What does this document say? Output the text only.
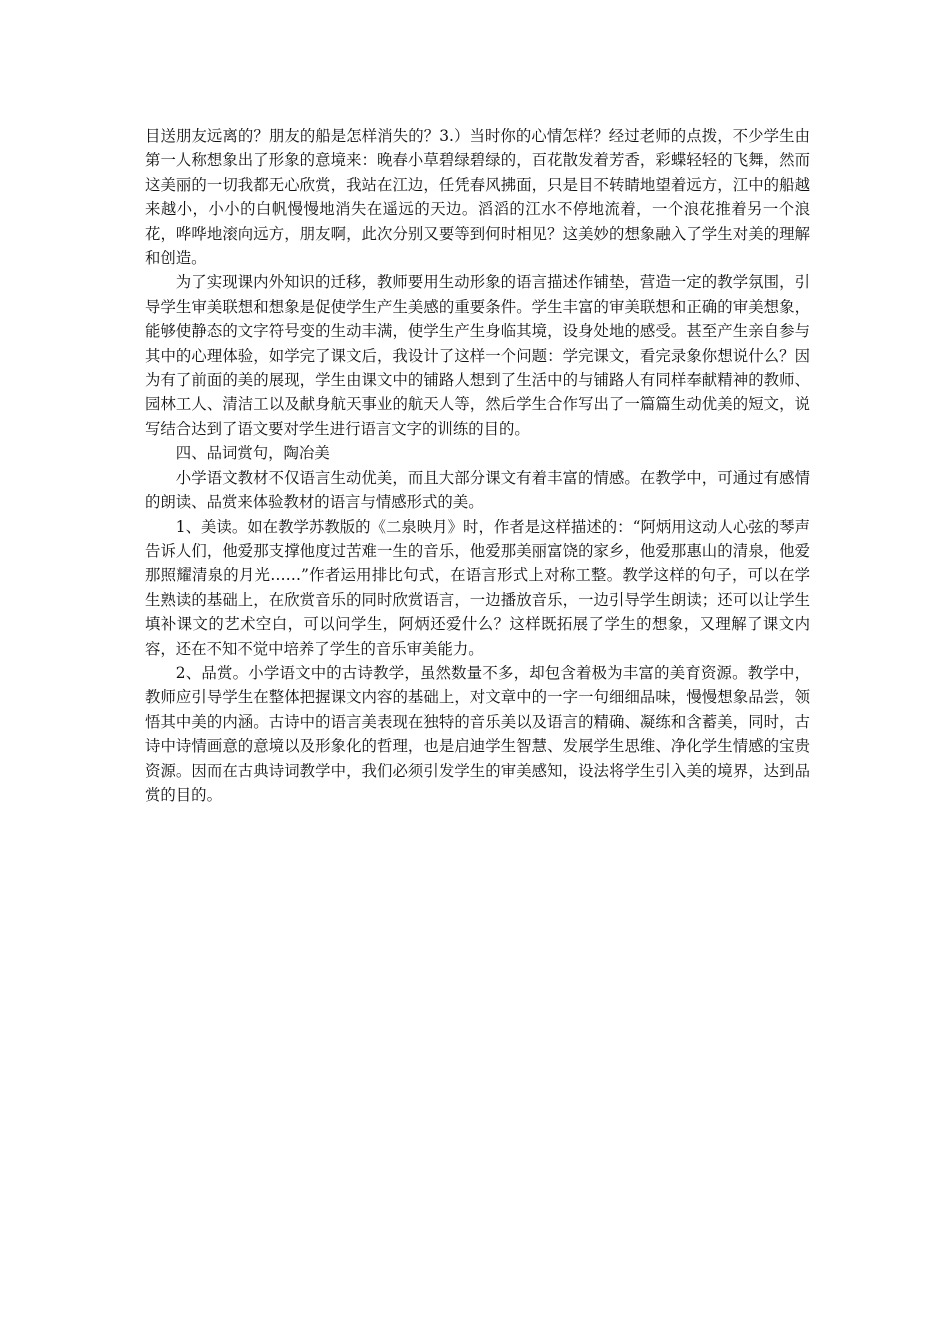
目送朋友远离的？朋友的船是怎样消失的？3.）当时你的心情怎样？经过老师的点拨，不少学生由第一人称想象出了形象的意境来：晚春小草碧绿碧绿的，百花散发着芳香，彩蝶轻轻的飞舞，然而这美丽的一切我都无心欣赏，我站在江边，任凭春风拂面，只是目不转睛地望着远方，江中的船越来越小，小小的白帆慢慢地消失在遥远的天边。滔滔的江水不停地流着，一个浪花推着另一个浪花，哗哗地滚向远方，朋友啊，此次分别又要等到何时相见？这美妙的想象融入了学生对美的理解和创造。

为了实现课内外知识的迁移，教师要用生动形象的语言描述作铺垫，营造一定的教学氛围，引导学生审美联想和想象是促使学生产生美感的重要条件。学生丰富的审美联想和正确的审美想象，能够使静态的文字符号变的生动丰满，使学生产生身临其境，设身处地的感受。甚至产生亲自参与其中的心理体验，如学完了课文后，我设计了这样一个问题：学完课文，看完录象你想说什么？因为有了前面的美的展现，学生由课文中的铺路人想到了生活中的与铺路人有同样奉献精神的教师、园林工人、清洁工以及献身航天事业的航天人等，然后学生合作写出了一篇篇生动优美的短文，说写结合达到了语文要对学生进行语言文字的训练的目的。

四、品词赏句，陶冶美

小学语文教材不仅语言生动优美，而且大部分课文有着丰富的情感。在教学中，可通过有感情的朗读、品赏来体验教材的语言与情感形式的美。

1、美读。如在教学苏教版的《二泉映月》时，作者是这样描述的：“阿炳用这动人心弦的琴声告诉人们，他爱那支撑他度过苦难一生的音乐，他爱那美丽富饶的家乡，他爱那惠山的清泉，他爱那照耀清泉的月光……”作者运用排比句式，在语言形式上对称工整。教学这样的句子，可以在学生熟读的基础上，在欣赏音乐的同时欣赏语言，一边播放音乐，一边引导学生朗读；还可以让学生填补课文的艺术空白，可以问学生，阿炳还爱什么？这样既拓展了学生的想象，又理解了课文内容，还在不知不觉中培养了学生的音乐审美能力。

2、品赏。小学语文中的古诗教学，虽然数量不多，却包含着极为丰富的美育资源。教学中，教师应引导学生在整体把握课文内容的基础上，对文章中的一字一句细细品味，慢慢想象品尝，领悟其中美的内涵。古诗中的语言美表现在独特的音乐美以及语言的精确、凝练和含蓄美，同时，古诗中诗情画意的意境以及形象化的哲理，也是启迪学生智慧、发展学生思维、净化学生情感的宝贵资源。因而在古典诗词教学中，我们必须引发学生的审美感知，设法将学生引入美的境界，达到品赏的目的。
